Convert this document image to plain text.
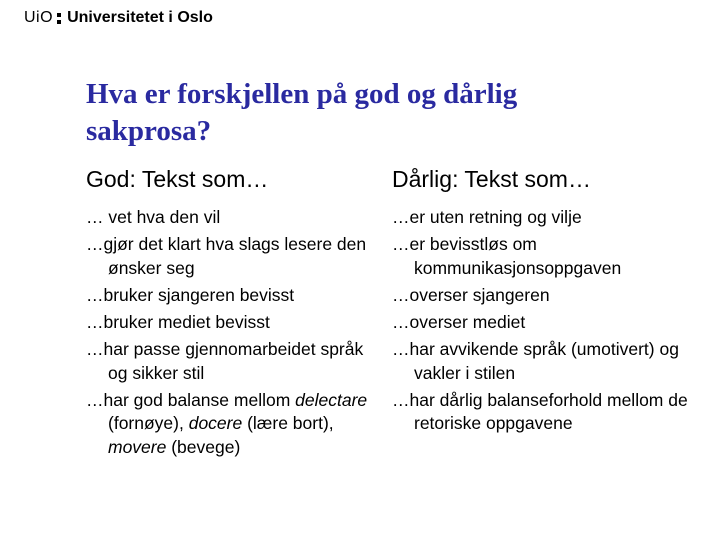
UiO Universitetet i Oslo
Hva er forskjellen på god og dårlig sakprosa?
God: Tekst som…
… vet hva den vil
…gjør det klart hva slags lesere den ønsker seg
…bruker sjangeren bevisst
…bruker mediet bevisst
…har passe gjennomarbeidet språk og sikker stil
…har god balanse mellom delectare (fornøye), docere (lære bort), movere (bevege)
Dårlig: Tekst som…
…er uten retning og vilje
…er bevisstløs om kommunikasjonsoppgaven
…overser sjangeren
…overser mediet
…har avvikende språk (umotivert) og vakler i stilen
…har dårlig balanseforhold mellom de retoriske oppgavene
